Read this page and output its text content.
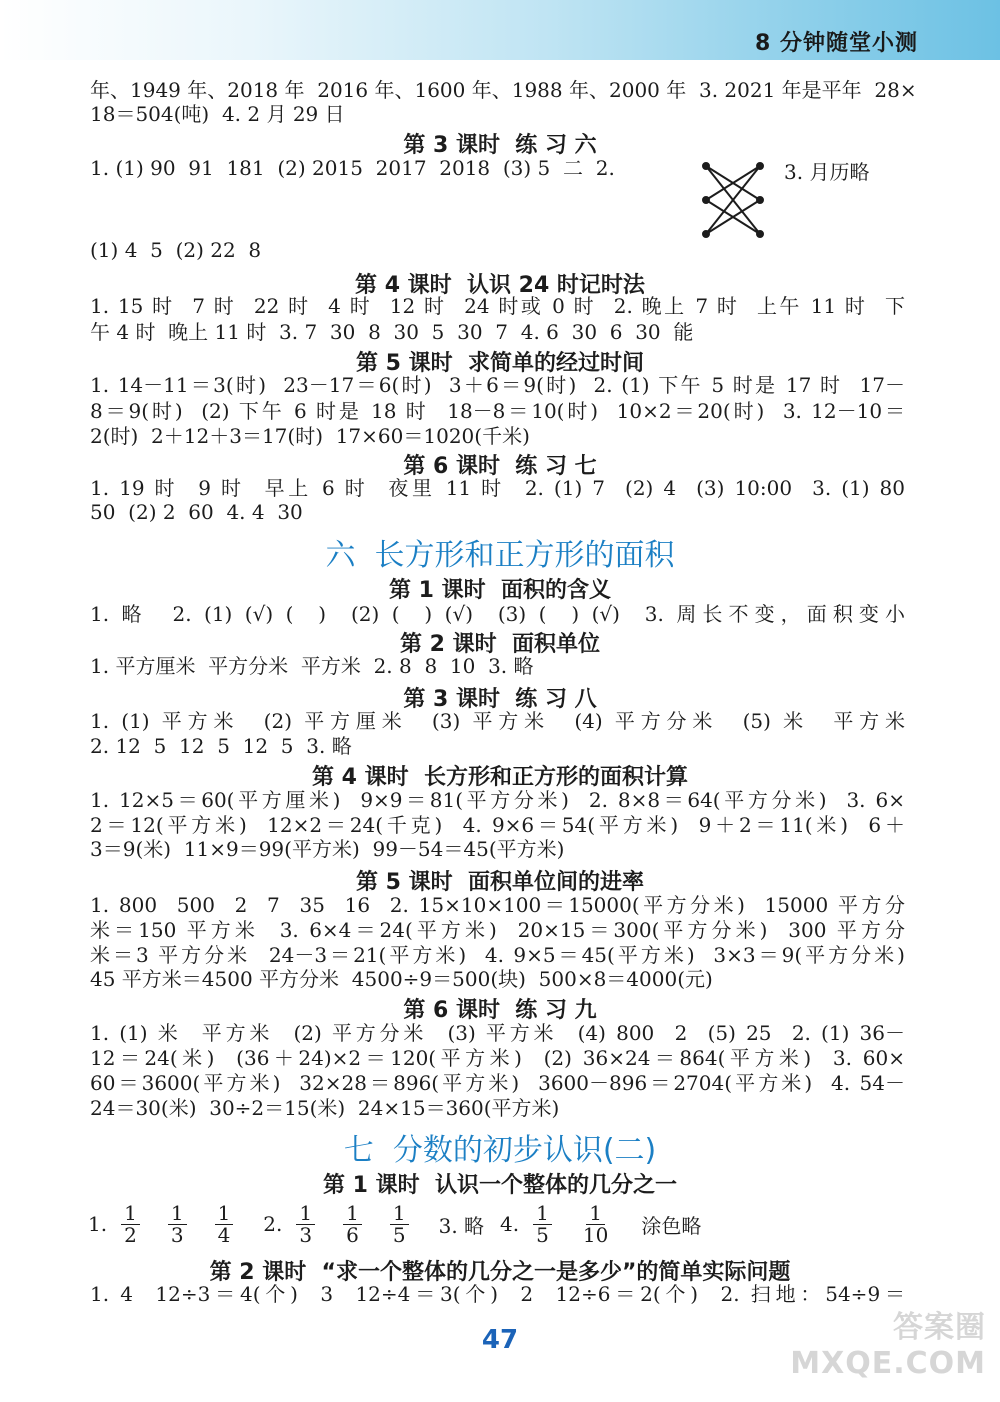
8 分钟随堂小测
年、1949 年、2018 年  2016 年、1600 年、1988 年、2000 年  3. 2021 年是平年  28×
18＝504(吨)  4. 2 月 29 日
第 3 课时  练 习 六
1. (1) 90  91  181  (2) 2015  2017  2018  (3) 5  二  2.	3. 月历略
(1) 4  5  (2) 22  8
第 4 课时  认识 24 时记时法
1. 15 时  7 时  22 时  4 时  12 时  24 时或 0 时  2. 晚上 7 时  上午 11 时  下
午 4 时  晚上 11 时  3. 7  30  8  30  5  30  7  4. 6  30  6  30  能
第 5 课时  求简单的经过时间
1. 14－11＝3(时)  23－17＝6(时)  3＋6＝9(时)  2. (1) 下午 5 时是 17 时  17－
8＝9(时)  (2) 下午 6 时是 18 时  18－8＝10(时)  10×2＝20(时)  3. 12－10＝
2(时)  2＋12＋3＝17(时)  17×60＝1020(千米)
第 6 课时  练 习 七
1. 19 时  9 时  早上 6 时  夜里 11 时  2. (1) 7  (2) 4  (3) 10:00  3. (1) 80
50  (2) 2  60  4. 4  30
六  长方形和正方形的面积
第 1 课时  面积的含义
1. 略  2. (1) (√) (  )  (2) (  ) (√)  (3) (  ) (√)  3. 周长不变，面积变小
第 2 课时  面积单位
1. 平方厘米  平方分米  平方米  2. 8  8  10  3. 略
第 3 课时  练 习 八
1. (1) 平方米  (2) 平方厘米  (3) 平方米  (4) 平方分米  (5) 米  平方米
2. 12  5  12  5  12  5  3. 略
第 4 课时  长方形和正方形的面积计算
1. 12×5＝60(平方厘米)  9×9＝81(平方分米)  2. 8×8＝64(平方分米)  3. 6×
2＝12(平方米)  12×2＝24(千克)  4. 9×6＝54(平方米)  9＋2＝11(米)  6＋
3＝9(米)  11×9＝99(平方米)  99－54＝45(平方米)
第 5 课时  面积单位间的进率
1. 800  500  2  7  35  16  2. 15×10×100＝15000(平方分米)  15000 平方分
米＝150 平方米  3. 6×4＝24(平方米)  20×15＝300(平方分米)  300 平方分
米＝3 平方分米  24－3＝21(平方米)  4. 9×5＝45(平方米)  3×3＝9(平方分米)
45 平方米＝4500 平方分米  4500÷9＝500(块)  500×8＝4000(元)
第 6 课时  练 习 九
1. (1) 米  平方米  (2) 平方分米  (3) 平方米  (4) 800  2  (5) 25  2. (1) 36－
12＝24(米)  (36＋24)×2＝120(平方米)  (2) 36×24＝864(平方米)  3. 60×
60＝3600(平方米)  32×28＝896(平方米)  3600－896＝2704(平方米)  4. 54－
24＝30(米)  30÷2＝15(米)  24×15＝360(平方米)
七  分数的初步认识(二)
第 1 课时  认识一个整体的几分之一
1. $\frac{1}{2} \frac{1}{3} \frac{1}{4} 2$. $\frac{1}{3} \frac{1}{6} \frac{1}{5} 3$. 略 4. $\frac{1}{5} \frac{1}{10}$ 涂色略
第 2 课时  “求一个整体的几分之一是多少”的简单实际问题
1. 4  12÷3＝4(个)  3  12÷4＝3(个)  2  12÷6＝2(个)  2. 扫地：54÷9＝
47	答案圈
MXQE.COM
